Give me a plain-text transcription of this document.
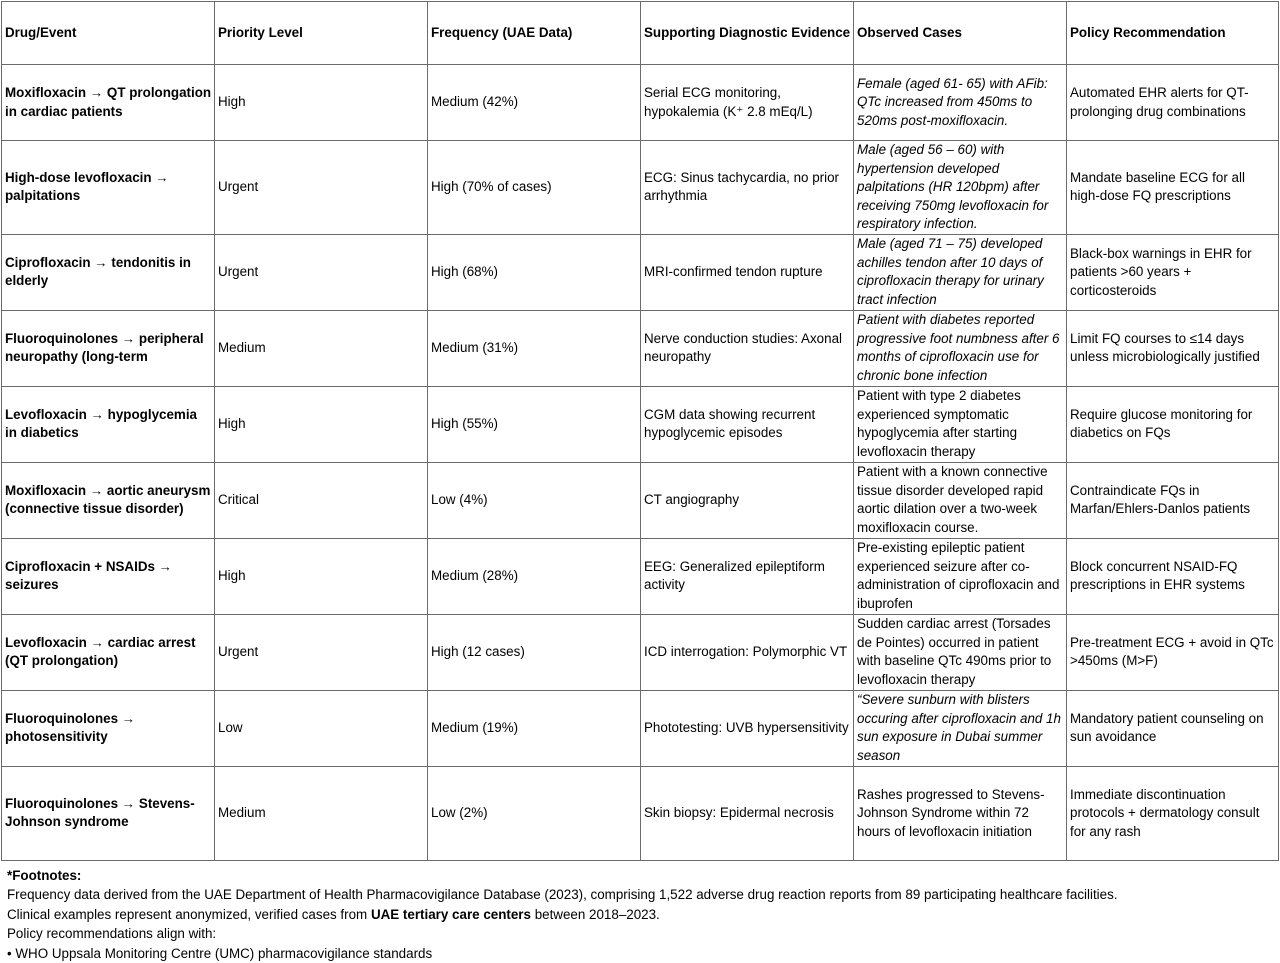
Drug/Event	Priority Level	Frequency (UAE Data)	Supporting Diagnostic Evidence	Observed Cases	Policy Recommendation
Moxifloxacin → QT prolongation in cardiac patients	High	Medium (42%)	Serial ECG monitoring, hypokalemia (K⁺ 2.8 mEq/L)	Female (aged 61- 65) with AFib: QTc increased from 450ms to 520ms post-moxifloxacin.	Automated EHR alerts for QT-prolonging drug combinations
High-dose levofloxacin → palpitations	Urgent	High (70% of cases)	ECG: Sinus tachycardia, no prior arrhythmia	Male (aged 56 – 60) with hypertension developed palpitations (HR 120bpm) after receiving 750mg levofloxacin for respiratory infection.	Mandate baseline ECG for all high-dose FQ prescriptions
Ciprofloxacin → tendonitis in elderly	Urgent	High (68%)	MRI-confirmed tendon rupture	Male (aged 71 – 75) developed achilles tendon after 10 days of ciprofloxacin therapy for urinary tract infection	Black-box warnings in EHR for patients >60 years + corticosteroids
Fluoroquinolones → peripheral neuropathy (long-term	Medium	Medium (31%)	Nerve conduction studies: Axonal neuropathy	Patient with diabetes reported progressive foot numbness after 6 months of ciprofloxacin use for chronic bone infection	Limit FQ courses to ≤14 days unless microbiologically justified
Levofloxacin → hypoglycemia in diabetics	High	High (55%)	CGM data showing recurrent hypoglycemic episodes	Patient with type 2 diabetes experienced symptomatic hypoglycemia after starting levofloxacin therapy	Require glucose monitoring for diabetics on FQs
Moxifloxacin → aortic aneurysm (connective tissue disorder)	Critical	Low (4%)	CT angiography	Patient with a known connective tissue disorder developed rapid aortic dilation over a two-week moxifloxacin course.	Contraindicate FQs in Marfan/Ehlers-Danlos patients
Ciprofloxacin + NSAIDs → seizures	High	Medium (28%)	EEG: Generalized epileptiform activity	Pre-existing epileptic patient experienced seizure after co-administration of ciprofloxacin and ibuprofen	Block concurrent NSAID-FQ prescriptions in EHR systems
Levofloxacin → cardiac arrest (QT prolongation)	Urgent	High (12 cases)	ICD interrogation: Polymorphic VT	Sudden cardiac arrest (Torsades de Pointes) occurred in patient with baseline QTc 490ms prior to levofloxacin therapy	Pre-treatment ECG + avoid in QTc >450ms (M>F)
Fluoroquinolones → photosensitivity	Low	Medium (19%)	Phototesting: UVB hypersensitivity	“Severe sunburn with blisters occuring after ciprofloxacin and 1h sun exposure in Dubai summer season	Mandatory patient counseling on sun avoidance
Fluoroquinolones → Stevens-Johnson syndrome	Medium	Low (2%)	Skin biopsy: Epidermal necrosis	Rashes progressed to Stevens-Johnson Syndrome within 72 hours of levofloxacin initiation	Immediate discontinuation protocols + dermatology consult for any rash
*Footnotes:
Frequency data derived from the UAE Department of Health Pharmacovigilance Database (2023), comprising 1,522 adverse drug reaction reports from 89 participating healthcare facilities.
Clinical examples represent anonymized, verified cases from UAE tertiary care centers between 2018–2023.
Policy recommendations align with:
• WHO Uppsala Monitoring Centre (UMC) pharmacovigilance standards
